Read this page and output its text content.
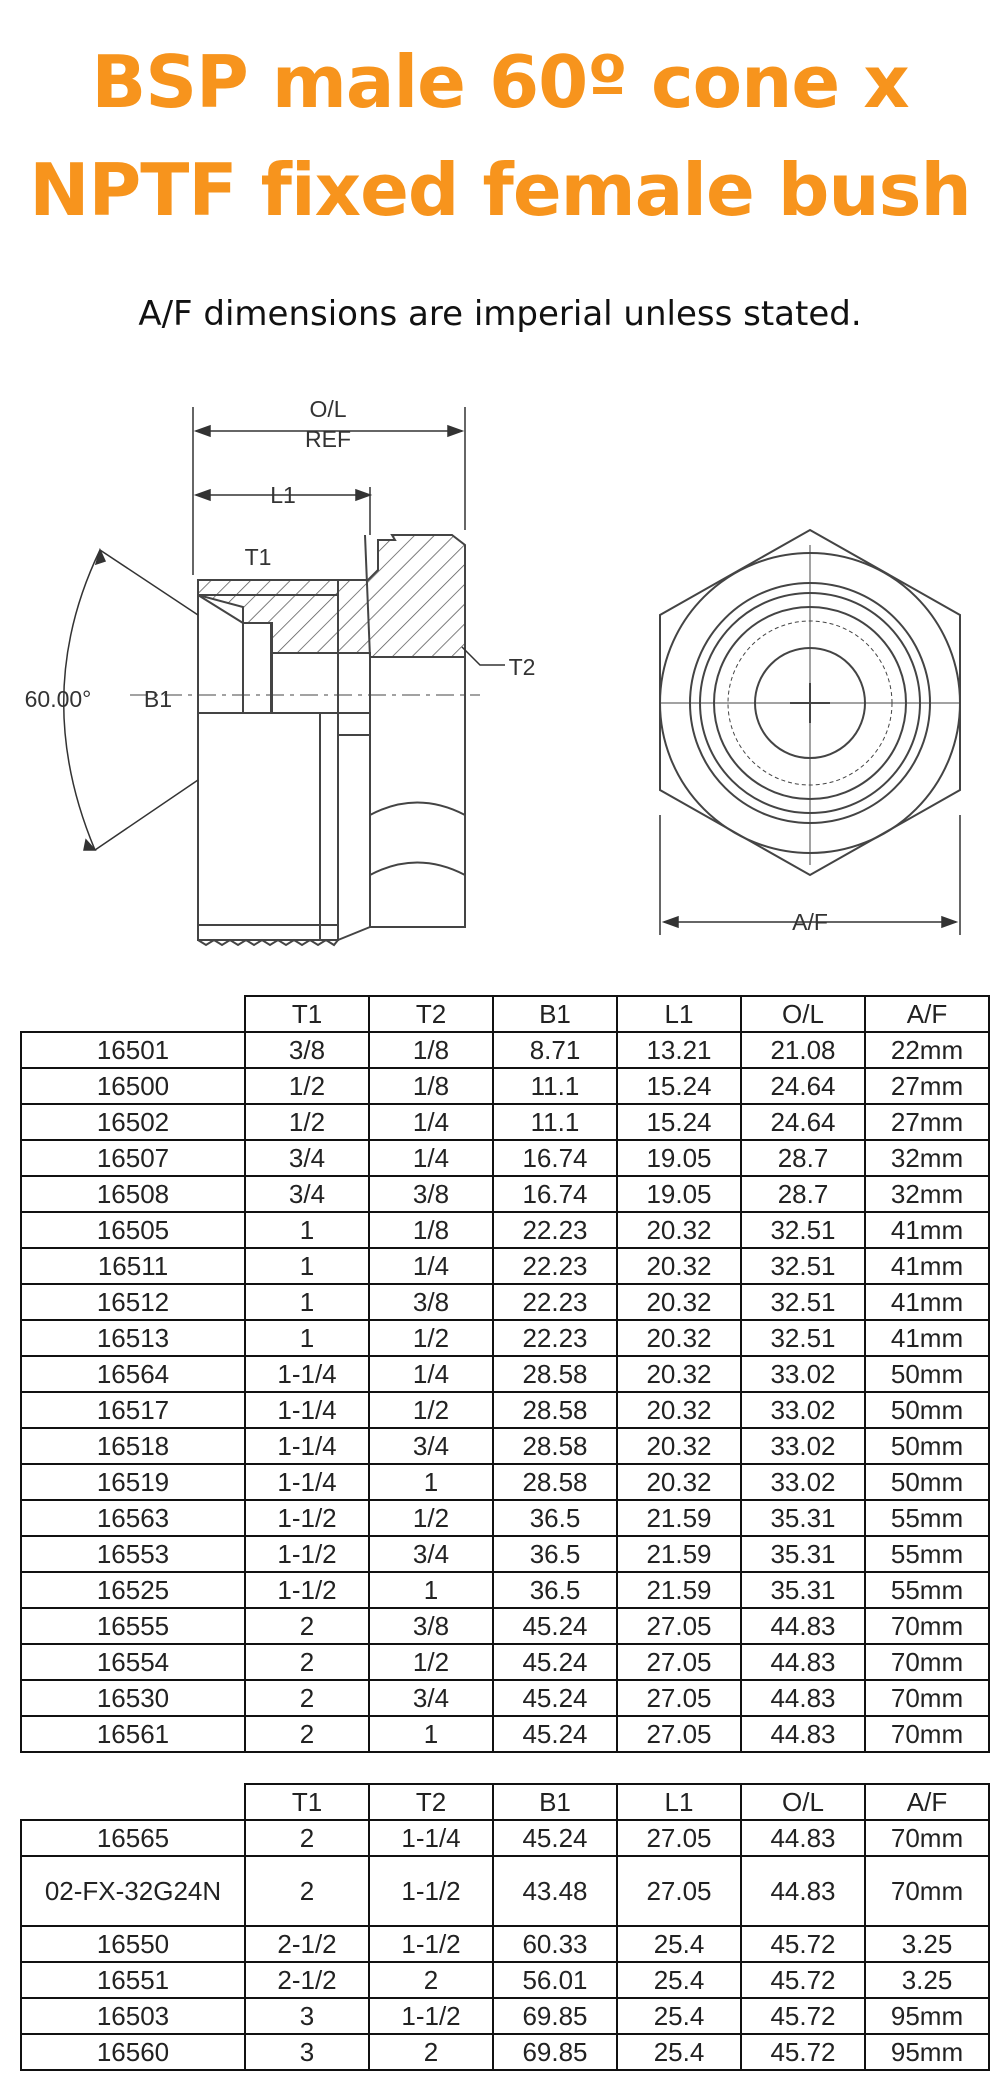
BSP male 60º cone x
NPTF fixed female bush
A/F dimensions are imperial unless stated.
O/L
REF
L1
T1
T2
60.00° B1
A/F
	T1	T2	B1	L1	O/L	A/F
16501	3/8	1/8	8.71	13.21	21.08	22mm
16500	1/2	1/8	11.1	15.24	24.64	27mm
16502	1/2	1/4	11.1	15.24	24.64	27mm
16507	3/4	1/4	16.74	19.05	28.7	32mm
16508	3/4	3/8	16.74	19.05	28.7	32mm
16505	1	1/8	22.23	20.32	32.51	41mm
16511	1	1/4	22.23	20.32	32.51	41mm
16512	1	3/8	22.23	20.32	32.51	41mm
16513	1	1/2	22.23	20.32	32.51	41mm
16564	1-1/4	1/4	28.58	20.32	33.02	50mm
16517	1-1/4	1/2	28.58	20.32	33.02	50mm
16518	1-1/4	3/4	28.58	20.32	33.02	50mm
16519	1-1/4	1	28.58	20.32	33.02	50mm
16563	1-1/2	1/2	36.5	21.59	35.31	55mm
16553	1-1/2	3/4	36.5	21.59	35.31	55mm
16525	1-1/2	1	36.5	21.59	35.31	55mm
16555	2	3/8	45.24	27.05	44.83	70mm
16554	2	1/2	45.24	27.05	44.83	70mm
16530	2	3/4	45.24	27.05	44.83	70mm
16561	2	1	45.24	27.05	44.83	70mm
	T1	T2	B1	L1	O/L	A/F
16565	2	1-1/4	45.24	27.05	44.83	70mm
02-FX-32G24N	2	1-1/2	43.48	27.05	44.83	70mm
16550	2-1/2	1-1/2	60.33	25.4	45.72	3.25
16551	2-1/2	2	56.01	25.4	45.72	3.25
16503	3	1-1/2	69.85	25.4	45.72	95mm
16560	3	2	69.85	25.4	45.72	95mm
